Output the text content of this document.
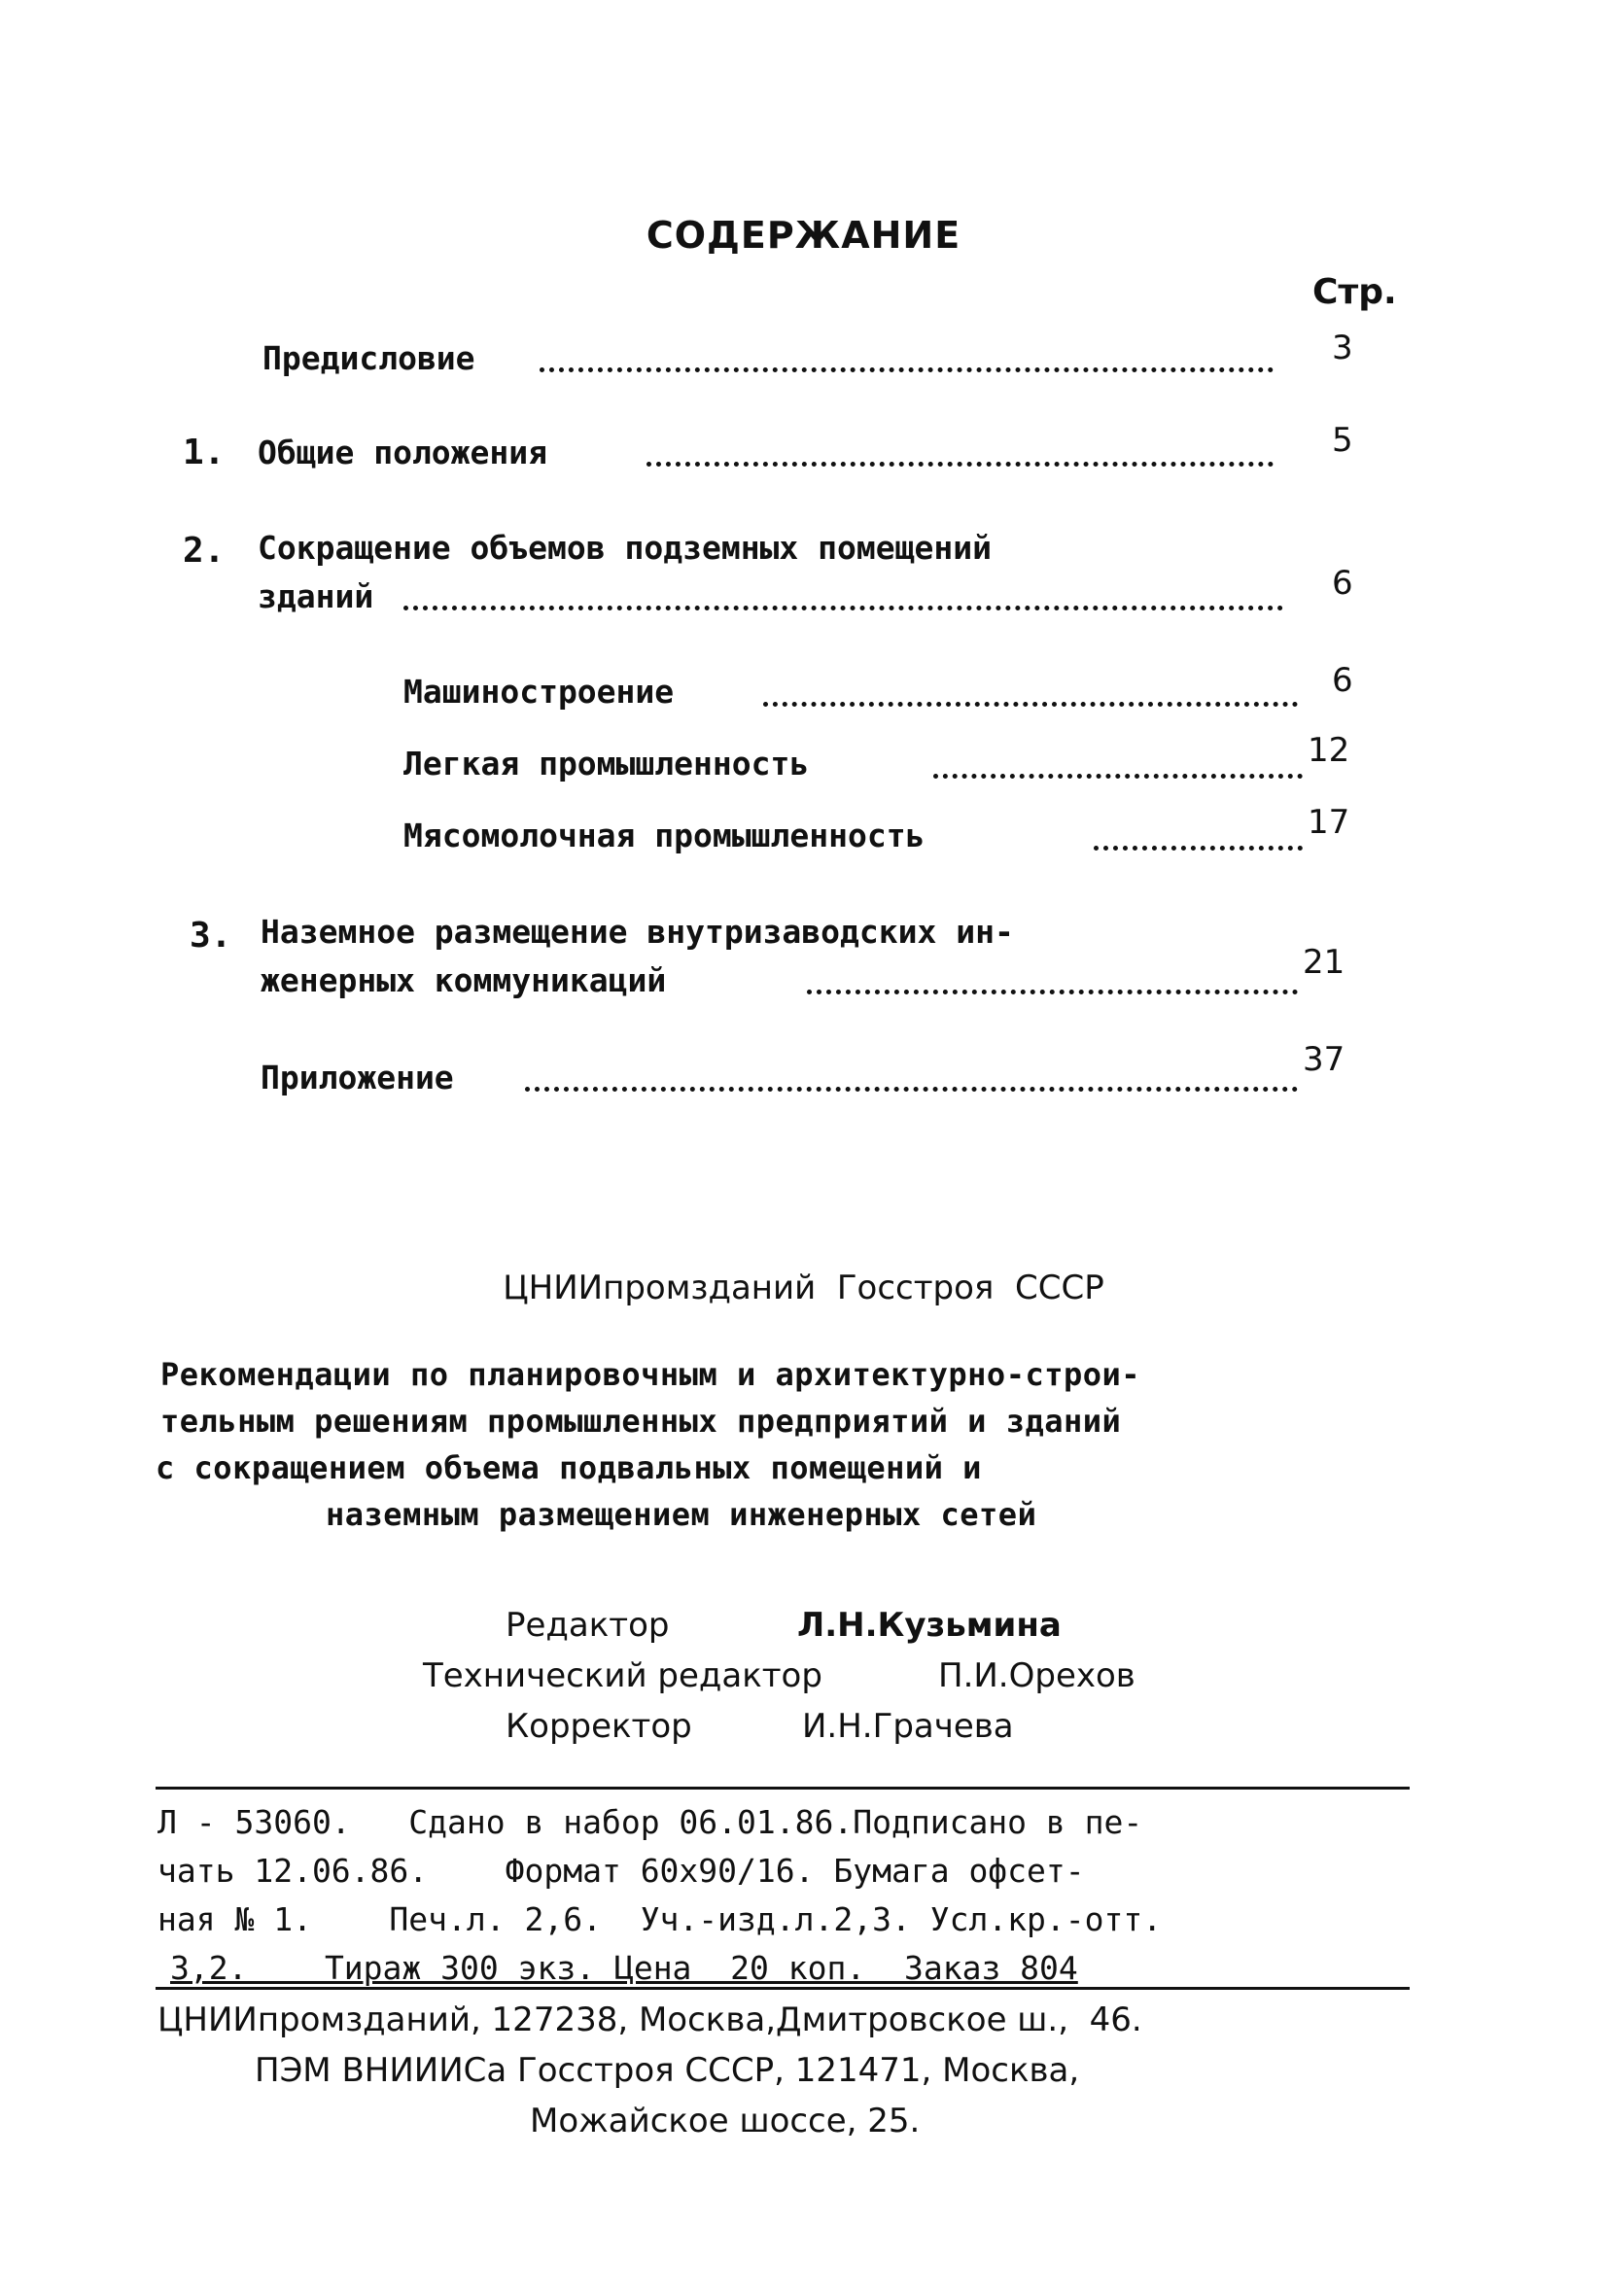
СОДЕРЖАНИЕ
Стр.
Предисловие	3
1. Общие положения	5
2. Сокращение объемов подземных помещений
зданий	6
Машиностроение	6
Легкая промышленность	12
Мясомолочная промышленность	17
3. Наземное размещение внутризаводских ин-
женерных коммуникаций	21
Приложение	37
ЦНИИпромзданий  Госстроя  СССР
Рекомендации по планировочным и архитектурно-строи-
тельным решениям промышленных предприятий и зданий
с сокращением объема подвальных помещений и
наземным размещением инженерных сетей
Редактор	Л.Н.Кузьмина
Технический редактор	П.И.Орехов
Корректор	И.Н.Грачева
Л - 53060.   Сдано в набор 06.01.86.Подписано в пе-
чать 12.06.86.    Формат 60х90/16. Бумага офсет-
ная № 1.    Печ.л. 2,6.  Уч.-изд.л.2,3. Усл.кр.-отт.
3,2.    Тираж 300 экз. Цена  20 коп.  Заказ 804
ЦНИИпромзданий, 127238, Москва,Дмитровское ш.,  46.
ПЭМ ВНИИИСа Госстроя СССР, 121471, Москва,
Можайское шоссе, 25.
